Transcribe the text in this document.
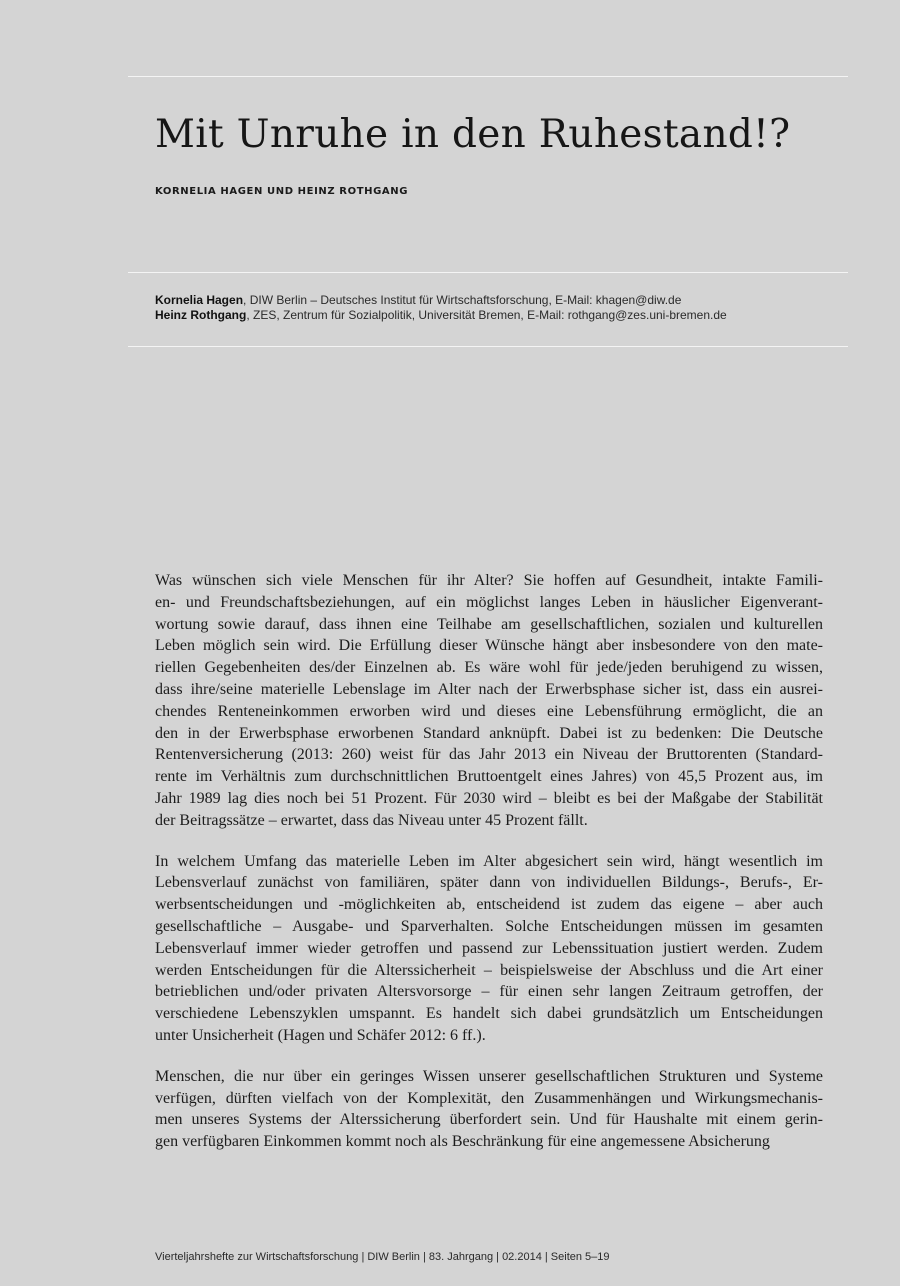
Mit Unruhe in den Ruhestand!?
KORNELIA HAGEN UND HEINZ ROTHGANG
Kornelia Hagen, DIW Berlin – Deutsches Institut für Wirtschaftsforschung, E-Mail: khagen@diw.de
Heinz Rothgang, ZES, Zentrum für Sozialpolitik, Universität Bremen, E-Mail: rothgang@zes.uni-bremen.de

Was wünschen sich viele Menschen für ihr Alter? Sie hoffen auf Gesundheit, intakte Famili-
en- und Freundschaftsbeziehungen, auf ein möglichst langes Leben in häuslicher Eigenverant-
wortung sowie darauf, dass ihnen eine Teilhabe am gesellschaftlichen, sozialen und kulturellen
Leben möglich sein wird. Die Erfüllung dieser Wünsche hängt aber insbesondere von den mate-
riellen Gegebenheiten des/der Einzelnen ab. Es wäre wohl für jede/jeden beruhigend zu wissen,
dass ihre/seine materielle Lebenslage im Alter nach der Erwerbsphase sicher ist, dass ein ausrei-
chendes Renteneinkommen erworben wird und dieses eine Lebensführung ermöglicht, die an
den in der Erwerbsphase erworbenen Standard anknüpft. Dabei ist zu bedenken: Die Deutsche
Rentenversicherung (2013: 260) weist für das Jahr 2013 ein Niveau der Bruttorenten (Standard-
rente im Verhältnis zum durchschnittlichen Bruttoentgelt eines Jahres) von 45,5 Prozent aus, im
Jahr 1989 lag dies noch bei 51 Prozent. Für 2030 wird – bleibt es bei der Maßgabe der Stabilität
der Beitragssätze – erwartet, dass das Niveau unter 45 Prozent fällt.

In welchem Umfang das materielle Leben im Alter abgesichert sein wird, hängt wesentlich im
Lebensverlauf zunächst von familiären, später dann von individuellen Bildungs-, Berufs-, Er-
werbsentscheidungen und -möglichkeiten ab, entscheidend ist zudem das eigene – aber auch
gesellschaftliche – Ausgabe- und Sparverhalten. Solche Entscheidungen müssen im gesamten
Lebensverlauf immer wieder getroffen und passend zur Lebenssituation justiert werden. Zudem
werden Entscheidungen für die Alterssicherheit – beispielsweise der Abschluss und die Art einer
betrieblichen und/oder privaten Altersvorsorge – für einen sehr langen Zeitraum getroffen, der
verschiedene Lebenszyklen umspannt. Es handelt sich dabei grundsätzlich um Entscheidungen
unter Unsicherheit (Hagen und Schäfer 2012: 6 ff.).

Menschen, die nur über ein geringes Wissen unserer gesellschaftlichen Strukturen und Systeme
verfügen, dürften vielfach von der Komplexität, den Zusammenhängen und Wirkungsmechanis-
men unseres Systems der Alterssicherung überfordert sein. Und für Haushalte mit einem gerin-
gen verfügbaren Einkommen kommt noch als Beschränkung für eine angemessene Absicherung

Vierteljahrshefte zur Wirtschaftsforschung | DIW Berlin | 83. Jahrgang | 02.2014 | Seiten 5–19
